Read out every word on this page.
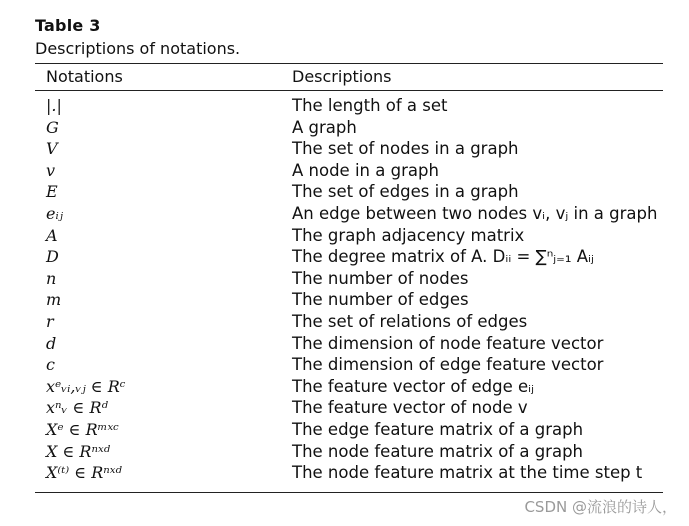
Table 3
Descriptions of notations.
Notations	Descriptions
|.|	The length of a set
G	A graph
V	The set of nodes in a graph
v	A node in a graph
E	The set of edges in a graph
eᵢⱼ	An edge between two nodes vᵢ, vⱼ in a graph
A	The graph adjacency matrix
D	The degree matrix of A. Dᵢᵢ = ∑ⁿⱼ₌₁ Aᵢⱼ
n	The number of nodes
m	The number of edges
r	The set of relations of edges
d	The dimension of node feature vector
c	The dimension of edge feature vector
xᵉᵥᵢ,ᵥⱼ ∈ Rᶜ	The feature vector of edge eᵢⱼ
xⁿᵥ ∈ Rᵈ	The feature vector of node v
Xᵉ ∈ Rᵐˣᶜ	The edge feature matrix of a graph
X ∈ Rⁿˣᵈ	The node feature matrix of a graph
X⁽ᵗ⁾ ∈ Rⁿˣᵈ	The node feature matrix at the time step t
CSDN @流浪的诗人，
